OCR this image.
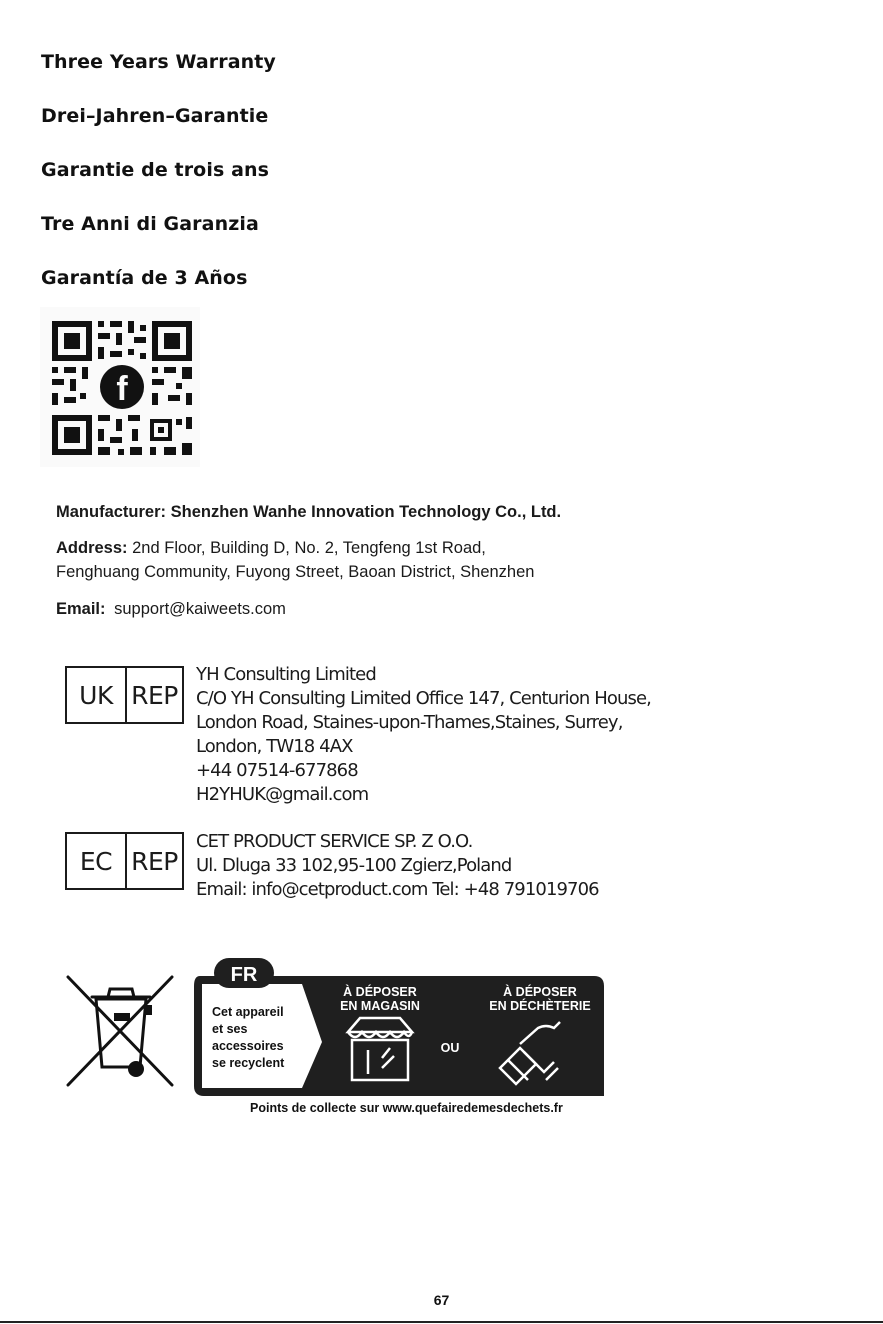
Three Years Warranty
Drei–Jahren–Garantie
Garantie de trois ans
Tre Anni di Garanzia
Garantía de 3 Años
f
Manufacturer: Shenzhen Wanhe Innovation Technology Co., Ltd.
Address: 2nd Floor, Building D, No. 2, Tengfeng 1st Road,
Fenghuang Community, Fuyong Street, Baoan District, Shenzhen
Email: support@kaiweets.com
UK REP
YH Consulting Limited
C/O YH Consulting Limited Office 147, Centurion House,
London Road, Staines-upon-Thames,Staines, Surrey,
London, TW18 4AX
+44 07514-677868
H2YHUK@gmail.com
EC REP
CET PRODUCT SERVICE SP. Z O.O.
Ul. Dluga 33 102,95-100 Zgierz,Poland
Email: info@cetproduct.com Tel: +48 791019706
FR
Cet appareil
et ses
accessoires
se recyclent
À DÉPOSER
EN MAGASIN
À DÉPOSER
EN DÉCHÈTERIE
OU
Points de collecte sur www.quefairedemesdechets.fr
67
